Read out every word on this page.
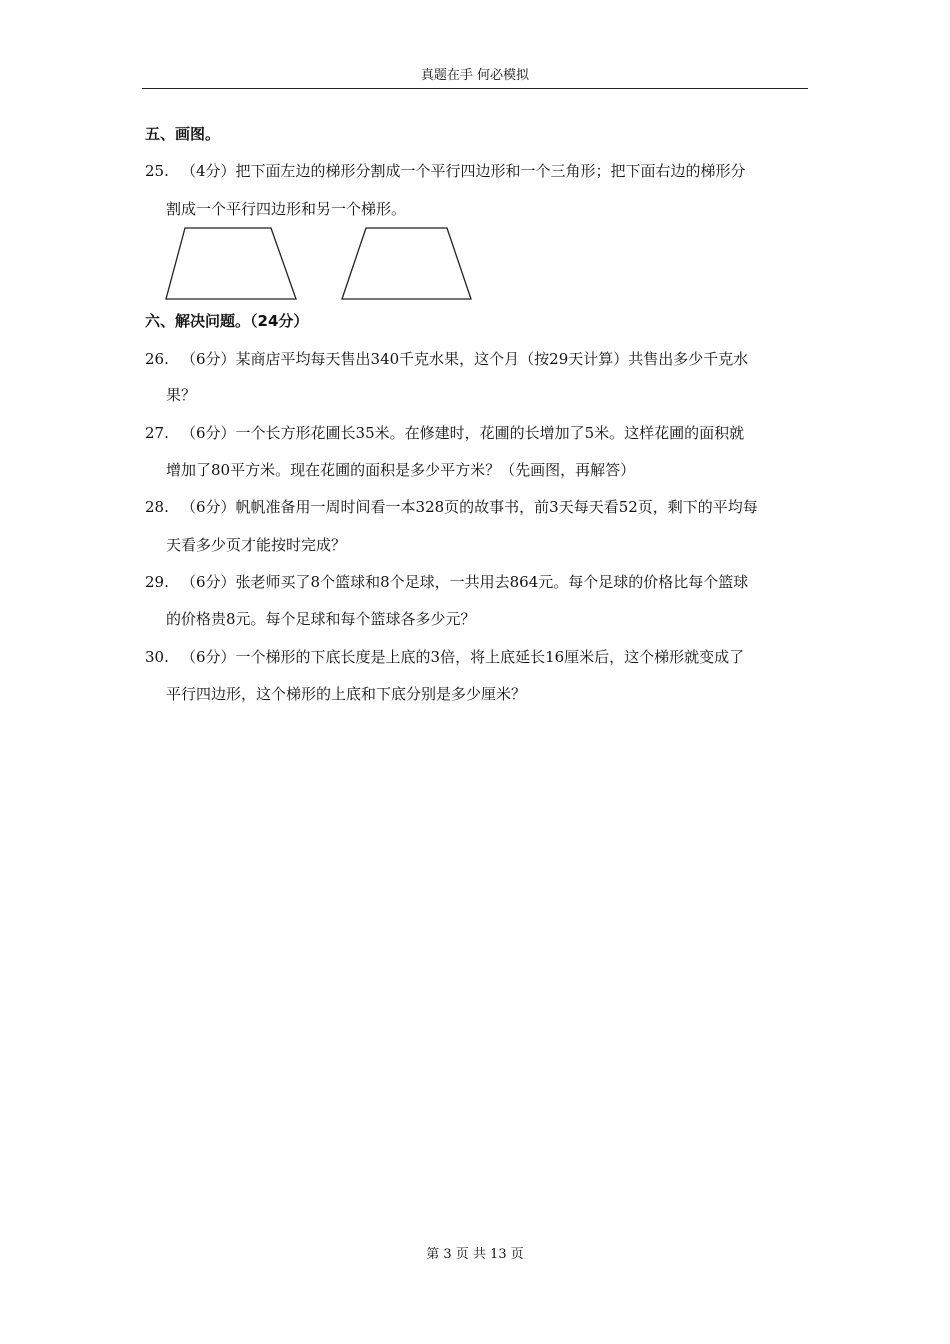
真题在手 何必模拟
五、画图。
25. （4分）把下面左边的梯形分割成一个平行四边形和一个三角形；把下面右边的梯形分
割成一个平行四边形和另一个梯形。
六、解决问题。（24分）
26. （6分）某商店平均每天售出340千克水果，这个月（按29天计算）共售出多少千克水
果？
27. （6分）一个长方形花圃长35米。在修建时，花圃的长增加了5米。这样花圃的面积就
增加了80平方米。现在花圃的面积是多少平方米？（先画图，再解答）
28. （6分）帆帆准备用一周时间看一本328页的故事书，前3天每天看52页，剩下的平均每
天看多少页才能按时完成？
29. （6分）张老师买了8个篮球和8个足球，一共用去864元。每个足球的价格比每个篮球
的价格贵8元。每个足球和每个篮球各多少元？
30. （6分）一个梯形的下底长度是上底的3倍，将上底延长16厘米后，这个梯形就变成了
平行四边形，这个梯形的上底和下底分别是多少厘米？
第 3 页 共 13 页
